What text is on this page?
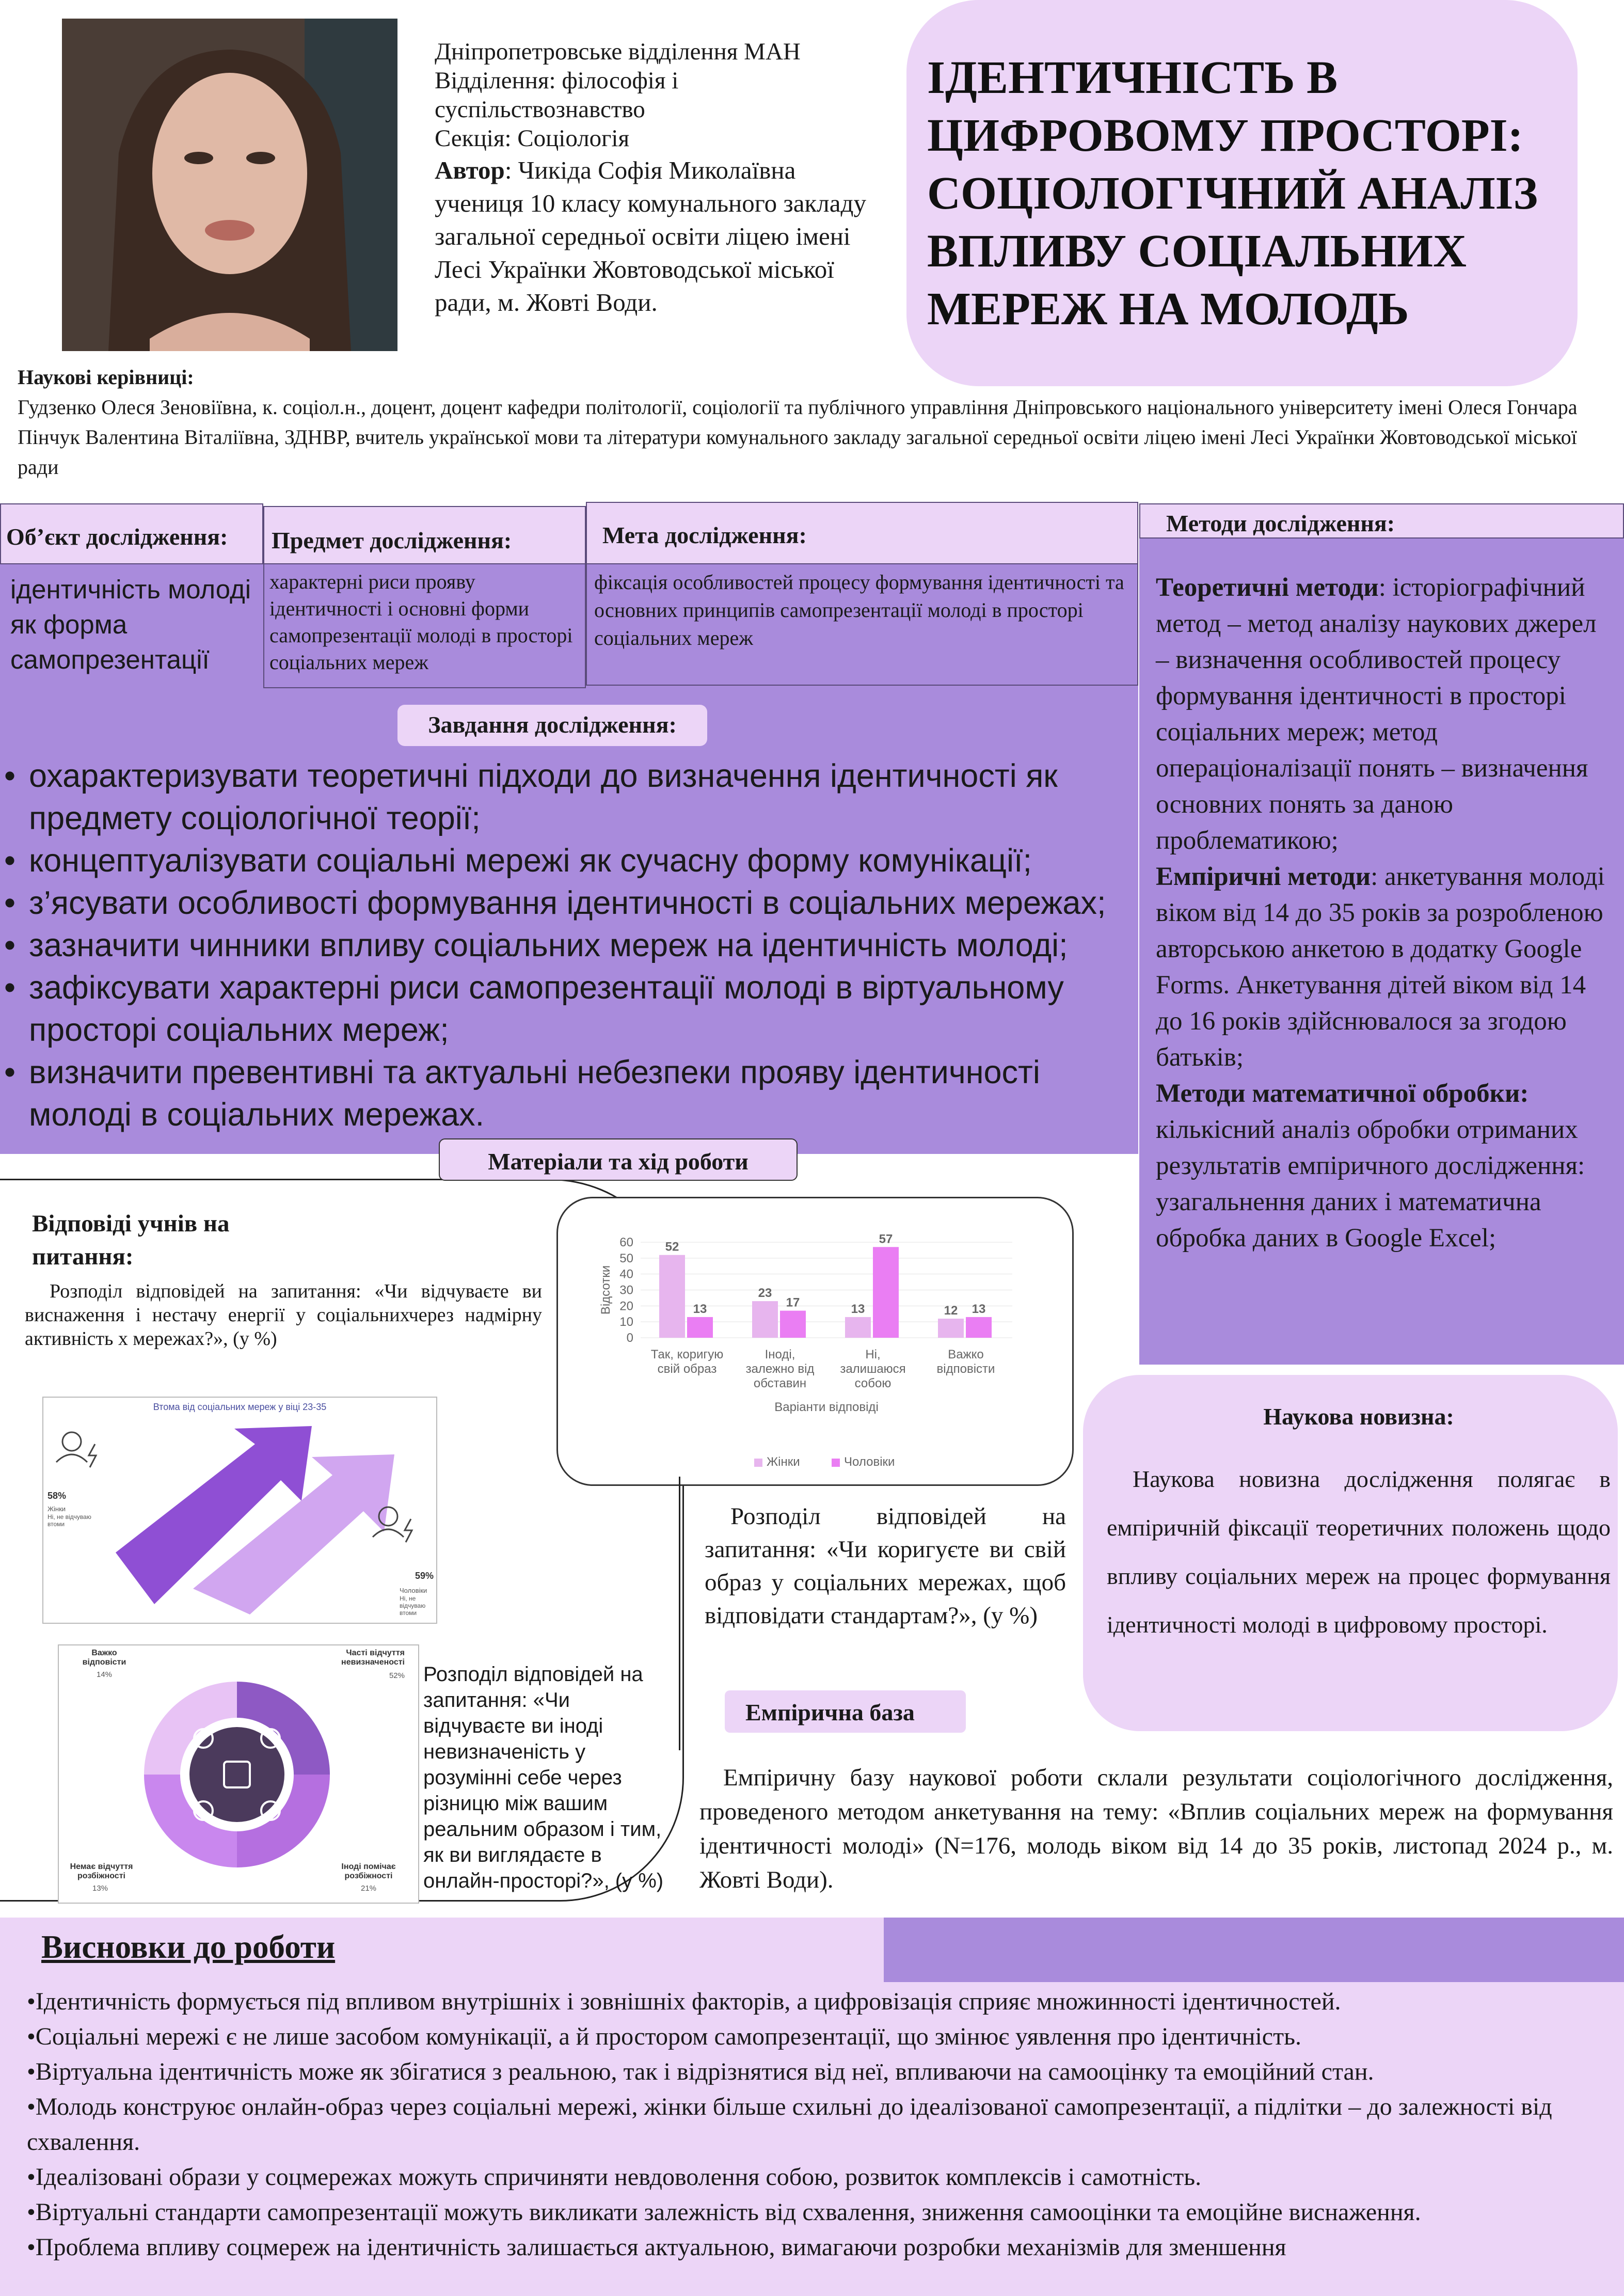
Дніпропетровське відділення МАН
Відділення: філософія і суспільствознавство
Секція: Соціологія
Автор: Чикіда Софія Миколаївна учениця 10 класу комунального закладу загальної середньої освіти ліцею імені Лесі Українки Жовтоводської міської ради, м. Жовті Води.
ІДЕНТИЧНІСТЬ В ЦИФРОВОМУ ПРОСТОРІ: СОЦІОЛОГІЧНИЙ АНАЛІЗ ВПЛИВУ СОЦІАЛЬНИХ МЕРЕЖ НА МОЛОДЬ
Наукові керівниці:
Гудзенко Олеся Зеновіївна, к. соціол.н., доцент, доцент кафедри політології, соціології та публічного управління Дніпровського національного університету імені Олеся Гончара
Пінчук Валентина Віталіївна, ЗДНВР, вчитель української мови та літератури комунального закладу загальної середньої освіти ліцею імені Лесі Українки Жовтоводської міської ради
Об’єкт дослідження:
ідентичність молоді як форма самопрезентації
Предмет дослідження:
характерні риси прояву ідентичності і основні форми самопрезентації молоді в просторі соціальних мереж
Мета дослідження:
фіксація особливостей процесу формування ідентичності та основних принципів самопрезентації молоді в просторі соціальних мереж
Методи дослідження:

Теоретичні методи: історіографічний метод – метод аналізу наукових джерел – визначення особливостей процесу формування ідентичності в просторі соціальних мереж; метод операціоналізації понять – визначення основних понять за даною проблематикою;

Емпіричні методи: анкетування молоді віком від 14 до 35 років за розробленою авторською анкетою в додатку Google Forms. Анкетування дітей віком від 14 до 16 років здійснювалося за згодою батьків;

Методи математичної обробки: кількісний аналіз обробки отриманих результатів емпіричного дослідження: узагальнення даних і математична обробка даних в Google Excel;

Завдання дослідження:
• охарактеризувати теоретичні підходи до визначення ідентичності як предмету соціологічної теорії;
• концептуалізувати соціальні мережі як сучасну форму комунікації;
• з’ясувати особливості формування ідентичності в соціальних мережах;
• зазначити чинники впливу соціальних мереж на ідентичність молоді;
• зафіксувати характерні риси самопрезентації молоді в віртуальному просторі соціальних мереж;
• визначити превентивні та актуальні небезпеки прояву ідентичності молоді в соціальних мережах.
Матеріали та хід роботи
Відповіді учнів на питання:
Розподіл відповідей на запитання: «Чи відчуваєте ви виснаження і нестачу енергії у соціальнихчерез надмірну активність х мережах?», (у %)
Втома від соціальних мереж у віці 23-35
58%
Жінки
Ні, не відчуваю втоми
59%
Чоловіки
Ні, не відчуваю втоми
Важко відповісти
14%
Часті відчуття невизначеності
52%
Немає відчуття розбіжності
13%
Іноді помічає розбіжності
21%
Розподіл відповідей на запитання: «Чи відчуваєте ви іноді невизначеність у розумінні себе через різницю між вашим реальним образом і тим, як ви виглядаєте в онлайн-просторі?», (у %)
0
10
20
30
40
50
60
Відсотки
52
13
Так, коригую
свій образ
23
17
Іноді,
залежно від
обставин
13
57
Ні,
залишаюся
собою
12 13
Важко
відповісти
Варіанти відповіді
Жінки	Чоловіки
Розподіл відповідей на запитання: «Чи коригуєте ви свій образ у соціальних мережах, щоб відповідати стандартам?», (у %)
Наукова новизна:
Наукова новизна дослідження полягає в емпіричній фіксації теоретичних положень щодо впливу соціальних мереж на процес формування ідентичності молоді в цифровому просторі.
Емпірична база
Емпіричну базу наукової роботи склали результати соціологічного дослідження, проведеного методом анкетування на тему: «Вплив соціальних мереж на формування ідентичності молоді» (N=176, молодь віком від 14 до 35 років, листопад 2024 р., м. Жовті Води).
Висновки до роботи
•Ідентичність формується під впливом внутрішніх і зовнішніх факторів, а цифровізація сприяє множинності ідентичностей.
•Соціальні мережі є не лише засобом комунікації, а й простором самопрезентації, що змінює уявлення про ідентичність.
•Віртуальна ідентичність може як збігатися з реальною, так і відрізнятися від неї, впливаючи на самооцінку та емоційний стан.
•Молодь конструює онлайн-образ через соціальні мережі, жінки більше схильні до ідеалізованої самопрезентації, а підлітки – до залежності від схвалення.
•Ідеалізовані образи у соцмережах можуть спричиняти невдоволення собою, розвиток комплексів і самотність.
•Віртуальні стандарти самопрезентації можуть викликати залежність від схвалення, зниження самооцінки та емоційне виснаження.
•Проблема впливу соцмереж на ідентичність залишається актуальною, вимагаючи розробки механізмів для зменшення
